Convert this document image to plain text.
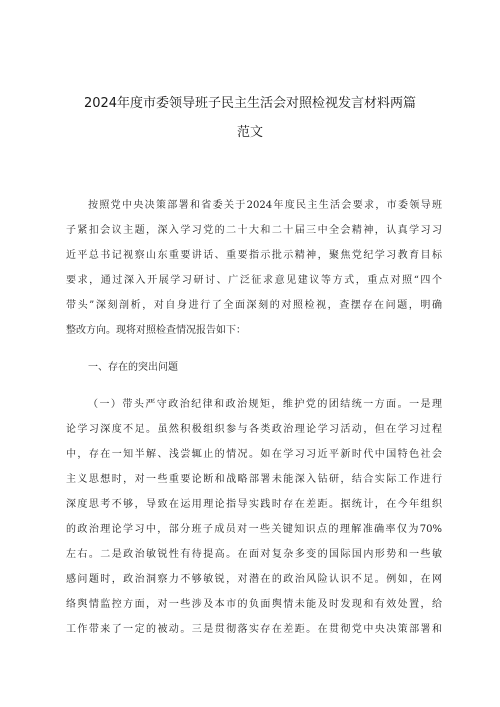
2024年度市委领导班子民主生活会对照检视发言材料两篇
范文
按照党中央决策部署和省委关于2024年度民主生活会要求，市委领导班
子紧扣会议主题，深入学习党的二十大和二十届三中全会精神，认真学习习
近平总书记视察山东重要讲话、重要指示批示精神，聚焦党纪学习教育目标
要求，通过深入开展学习研讨、广泛征求意见建议等方式，重点对照“四个
带头”深刻剖析，对自身进行了全面深刻的对照检视，查摆存在问题，明确
整改方向。现将对照检查情况报告如下：
一、存在的突出问题
（一）带头严守政治纪律和政治规矩，维护党的团结统一方面。一是理
论学习深度不足。虽然积极组织参与各类政治理论学习活动，但在学习过程
中，存在一知半解、浅尝辄止的情况。如在学习习近平新时代中国特色社会
主义思想时，对一些重要论断和战略部署未能深入钻研，结合实际工作进行
深度思考不够，导致在运用理论指导实践时存在差距。据统计，在今年组织
的政治理论学习中，部分班子成员对一些关键知识点的理解准确率仅为70%
左右。二是政治敏锐性有待提高。在面对复杂多变的国际国内形势和一些敏
感问题时，政治洞察力不够敏锐，对潜在的政治风险认识不足。例如，在网
络舆情监控方面，对一些涉及本市的负面舆情未能及时发现和有效处置，给
工作带来了一定的被动。三是贯彻落实存在差距。在贯彻党中央决策部署和
